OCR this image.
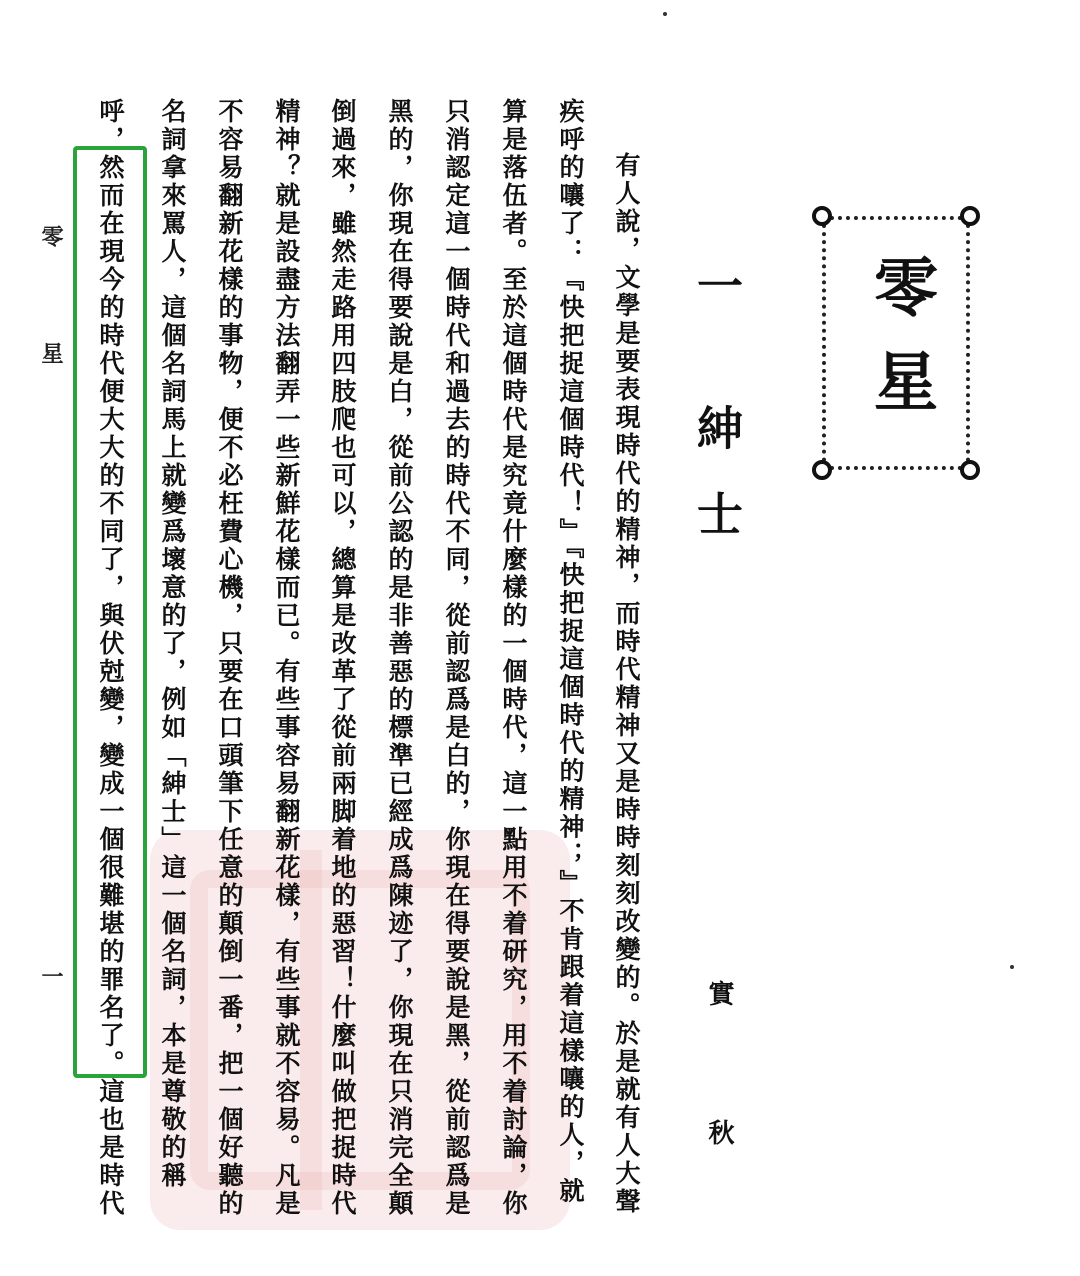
零星
一 紳士
實 秋
有人說，文學是要表現時代的精神，而時代精神又是時時刻刻改變的。於是就有人大聲
疾呼的嚷了：『快把捉這個時代！』『快把捉這個時代的精神；』不肯跟着這樣嚷的人，就
算是落伍者。至於這個時代是究竟什麼樣的一個時代，這一點用不着研究，用不着討論，你
只消認定這一個時代和過去的時代不同，從前認爲是白的，你現在得要說是黑，從前認爲是
黑的，你現在得要說是白，從前公認的是非善惡的標準已經成爲陳迹了，你現在只消完全顛
倒過來，雖然走路用四肢爬也可以，總算是改革了從前兩脚着地的惡習！什麼叫做把捉時代
精神？就是設盡方法翻弄一些新鮮花樣而已。有些事容易翻新花樣，有些事就不容易。凡是
不容易翻新花樣的事物，便不必枉費心機，只要在口頭筆下任意的顛倒一番，把一個好聽的
名詞拿來罵人，這個名詞馬上就變爲壞意的了，例如「紳士」這一個名詞，本是尊敬的稱
呼，然而在現今的時代便大大的不同了，與伏尅變，變成一個很難堪的罪名了。這也是時代
零星
一
